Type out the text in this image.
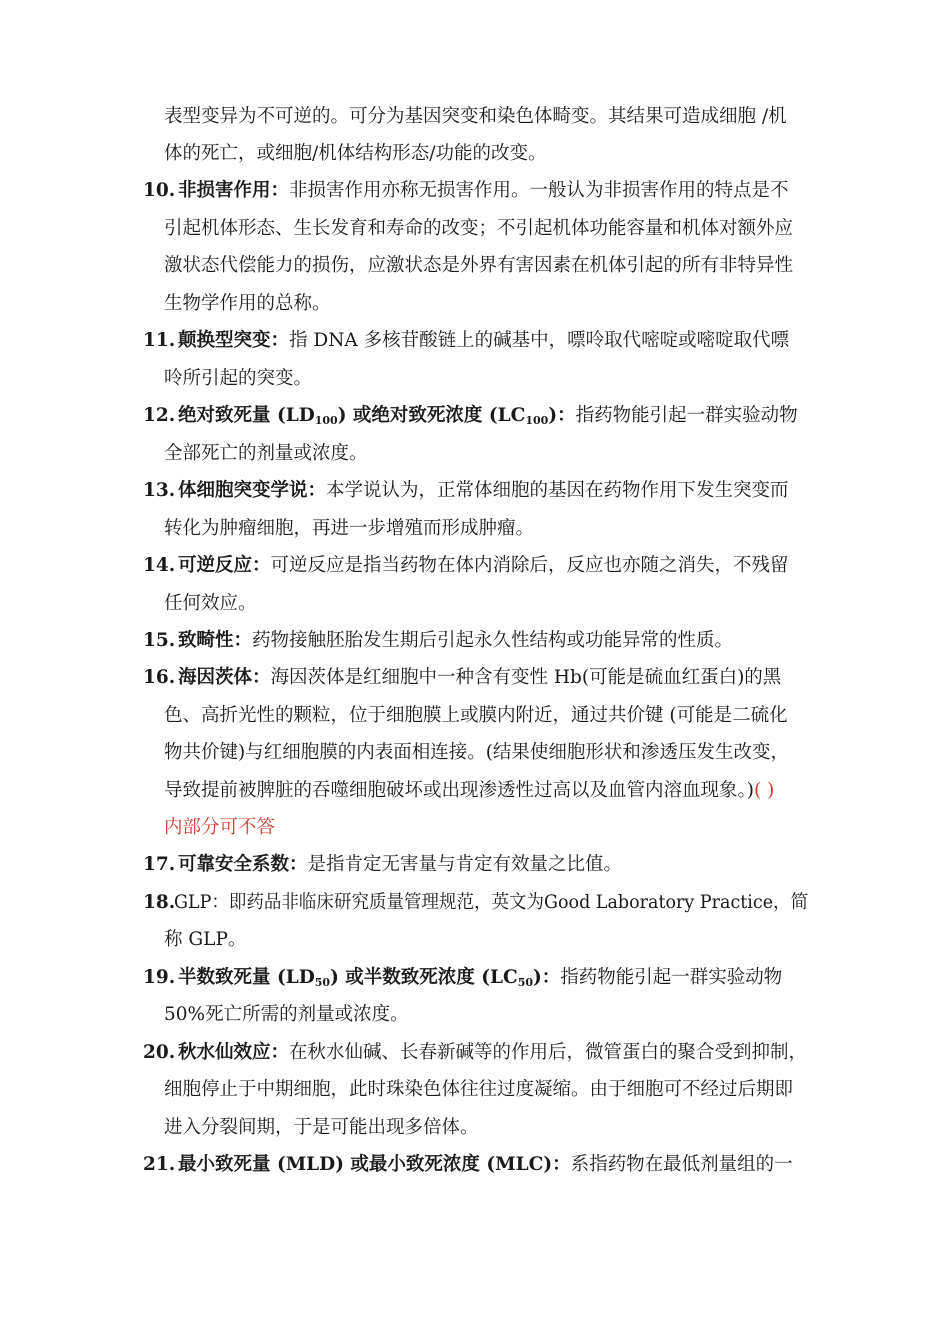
表型变异为不可逆的。可分为基因突变和染色体畸变。其结果可造成细胞 /机
体的死亡，或细胞/机体结构形态/功能的改变。
10. 非损害作用：非损害作用亦称无损害作用。一般认为非损害作用的特点是不
引起机体形态、生长发育和寿命的改变；不引起机体功能容量和机体对额外应
激状态代偿能力的损伤，应激状态是外界有害因素在机体引起的所有非特异性
生物学作用的总称。
11. 颠换型突变：指 DNA 多核苷酸链上的碱基中，嘌呤取代嘧啶或嘧啶取代嘌
呤所引起的突变。
12. 绝对致死量 $(LD_{100})$ 或绝对致死浓度 $(LC_{100})$：指药物能引起一群实验动物
全部死亡的剂量或浓度。
13. 体细胞突变学说：本学说认为，正常体细胞的基因在药物作用下发生突变而
转化为肿瘤细胞，再进一步增殖而形成肿瘤。
14. 可逆反应：可逆反应是指当药物在体内消除后，反应也亦随之消失，不残留
任何效应。
15. 致畸性：药物接触胚胎发生期后引起永久性结构或功能异常的性质。
16. 海因茨体：海因茨体是红细胞中一种含有变性 Hb(可能是硫血红蛋白)的黑
色、高折光性的颗粒，位于细胞膜上或膜内附近，通过共价键 (可能是二硫化
物共价键)与红细胞膜的内表面相连接。(结果使细胞形状和渗透压发生改变，
导致提前被脾脏的吞噬细胞破坏或出现渗透性过高以及血管内溶血现象。)( )
内部分可不答
17. 可靠安全系数：是指肯定无害量与肯定有效量之比值。
18.
GLP：即药品非临床研究质量管理规范，英文为Good Laboratory Practice，简
称 GLP。
19. 半数致死量 $(LD_{50})$ 或半数致死浓度 $(LC_{50})$：指药物能引起一群实验动物
50%死亡所需的剂量或浓度。
20. 秋水仙效应：在秋水仙碱、长春新碱等的作用后，微管蛋白的聚合受到抑制，
细胞停止于中期细胞，此时珠染色体往往过度凝缩。由于细胞可不经过后期即
进入分裂间期，于是可能出现多倍体。
21. 最小致死量 (MLD) 或最小致死浓度 (MLC)：系指药物在最低剂量组的一
